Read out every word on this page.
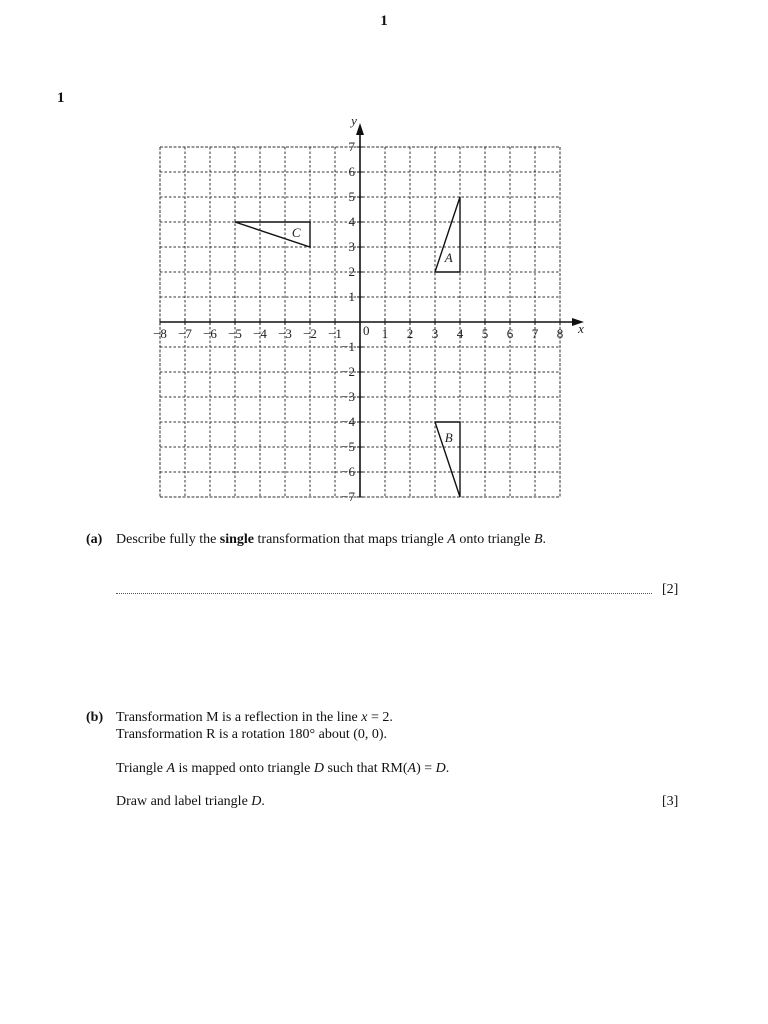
1
1
−8 −7 −6 −5 −4 −3 −2 −1	1 2 3 4 5 6 7 8
7
6
5
4
3
2
1
−1
−2
−3
−4
−5
−6
−7
0	x
y
A
B
C
(a) Describe fully the single transformation that maps triangle A onto triangle B.
[2]
(b) Transformation M is a reflection in the line x = 2.
Transformation R is a rotation 180° about (0, 0).
Triangle A is mapped onto triangle D such that RM(A) = D.
Draw and label triangle D.	[3]
